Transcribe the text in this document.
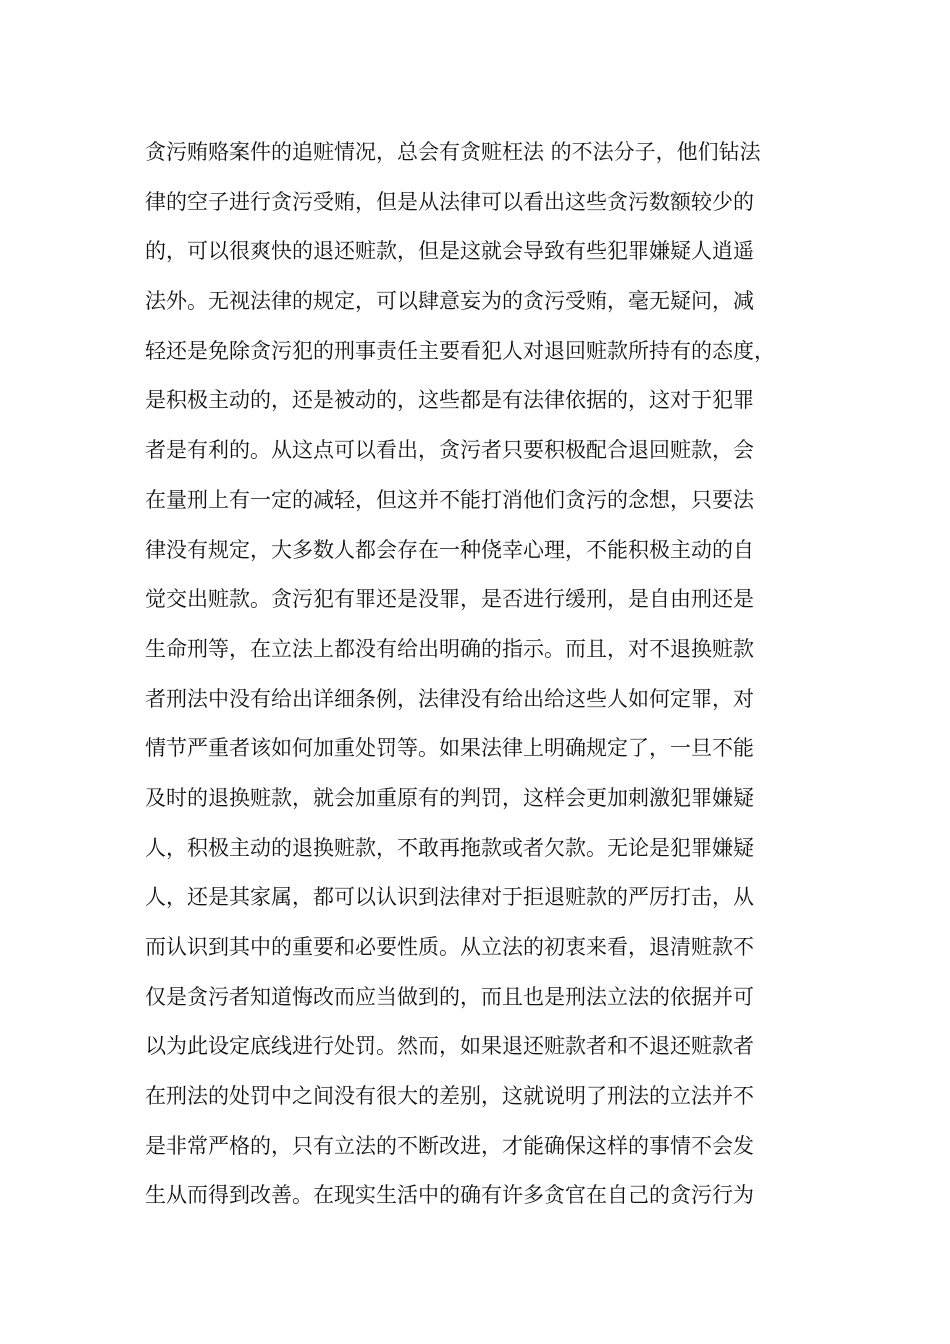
贪污贿赂案件的追赃情况，总会有贪赃枉法 的不法分子，他们钻法
律的空子进行贪污受贿，但是从法律可以看出这些贪污数额较少的
的，可以很爽快的退还赃款，但是这就会导致有些犯罪嫌疑人逍遥
法外。无视法律的规定，可以肆意妄为的贪污受贿，毫无疑问，减
轻还是免除贪污犯的刑事责任主要看犯人对退回赃款所持有的态度，
是积极主动的，还是被动的，这些都是有法律依据的，这对于犯罪
者是有利的。从这点可以看出，贪污者只要积极配合退回赃款，会
在量刑上有一定的减轻，但这并不能打消他们贪污的念想，只要法
律没有规定，大多数人都会存在一种侥幸心理，不能积极主动的自
觉交出赃款。贪污犯有罪还是没罪，是否进行缓刑，是自由刑还是
生命刑等，在立法上都没有给出明确的指示。而且，对不退换赃款
者刑法中没有给出详细条例，法律没有给出给这些人如何定罪，对
情节严重者该如何加重处罚等。如果法律上明确规定了，一旦不能
及时的退换赃款，就会加重原有的判罚，这样会更加刺激犯罪嫌疑
人，积极主动的退换赃款，不敢再拖款或者欠款。无论是犯罪嫌疑
人，还是其家属，都可以认识到法律对于拒退赃款的严厉打击，从
而认识到其中的重要和必要性质。从立法的初衷来看，退清赃款不
仅是贪污者知道悔改而应当做到的，而且也是刑法立法的依据并可
以为此设定底线进行处罚。然而，如果退还赃款者和不退还赃款者
在刑法的处罚中之间没有很大的差别，这就说明了刑法的立法并不
是非常严格的，只有立法的不断改进，才能确保这样的事情不会发
生从而得到改善。在现实生活中的确有许多贪官在自己的贪污行为
